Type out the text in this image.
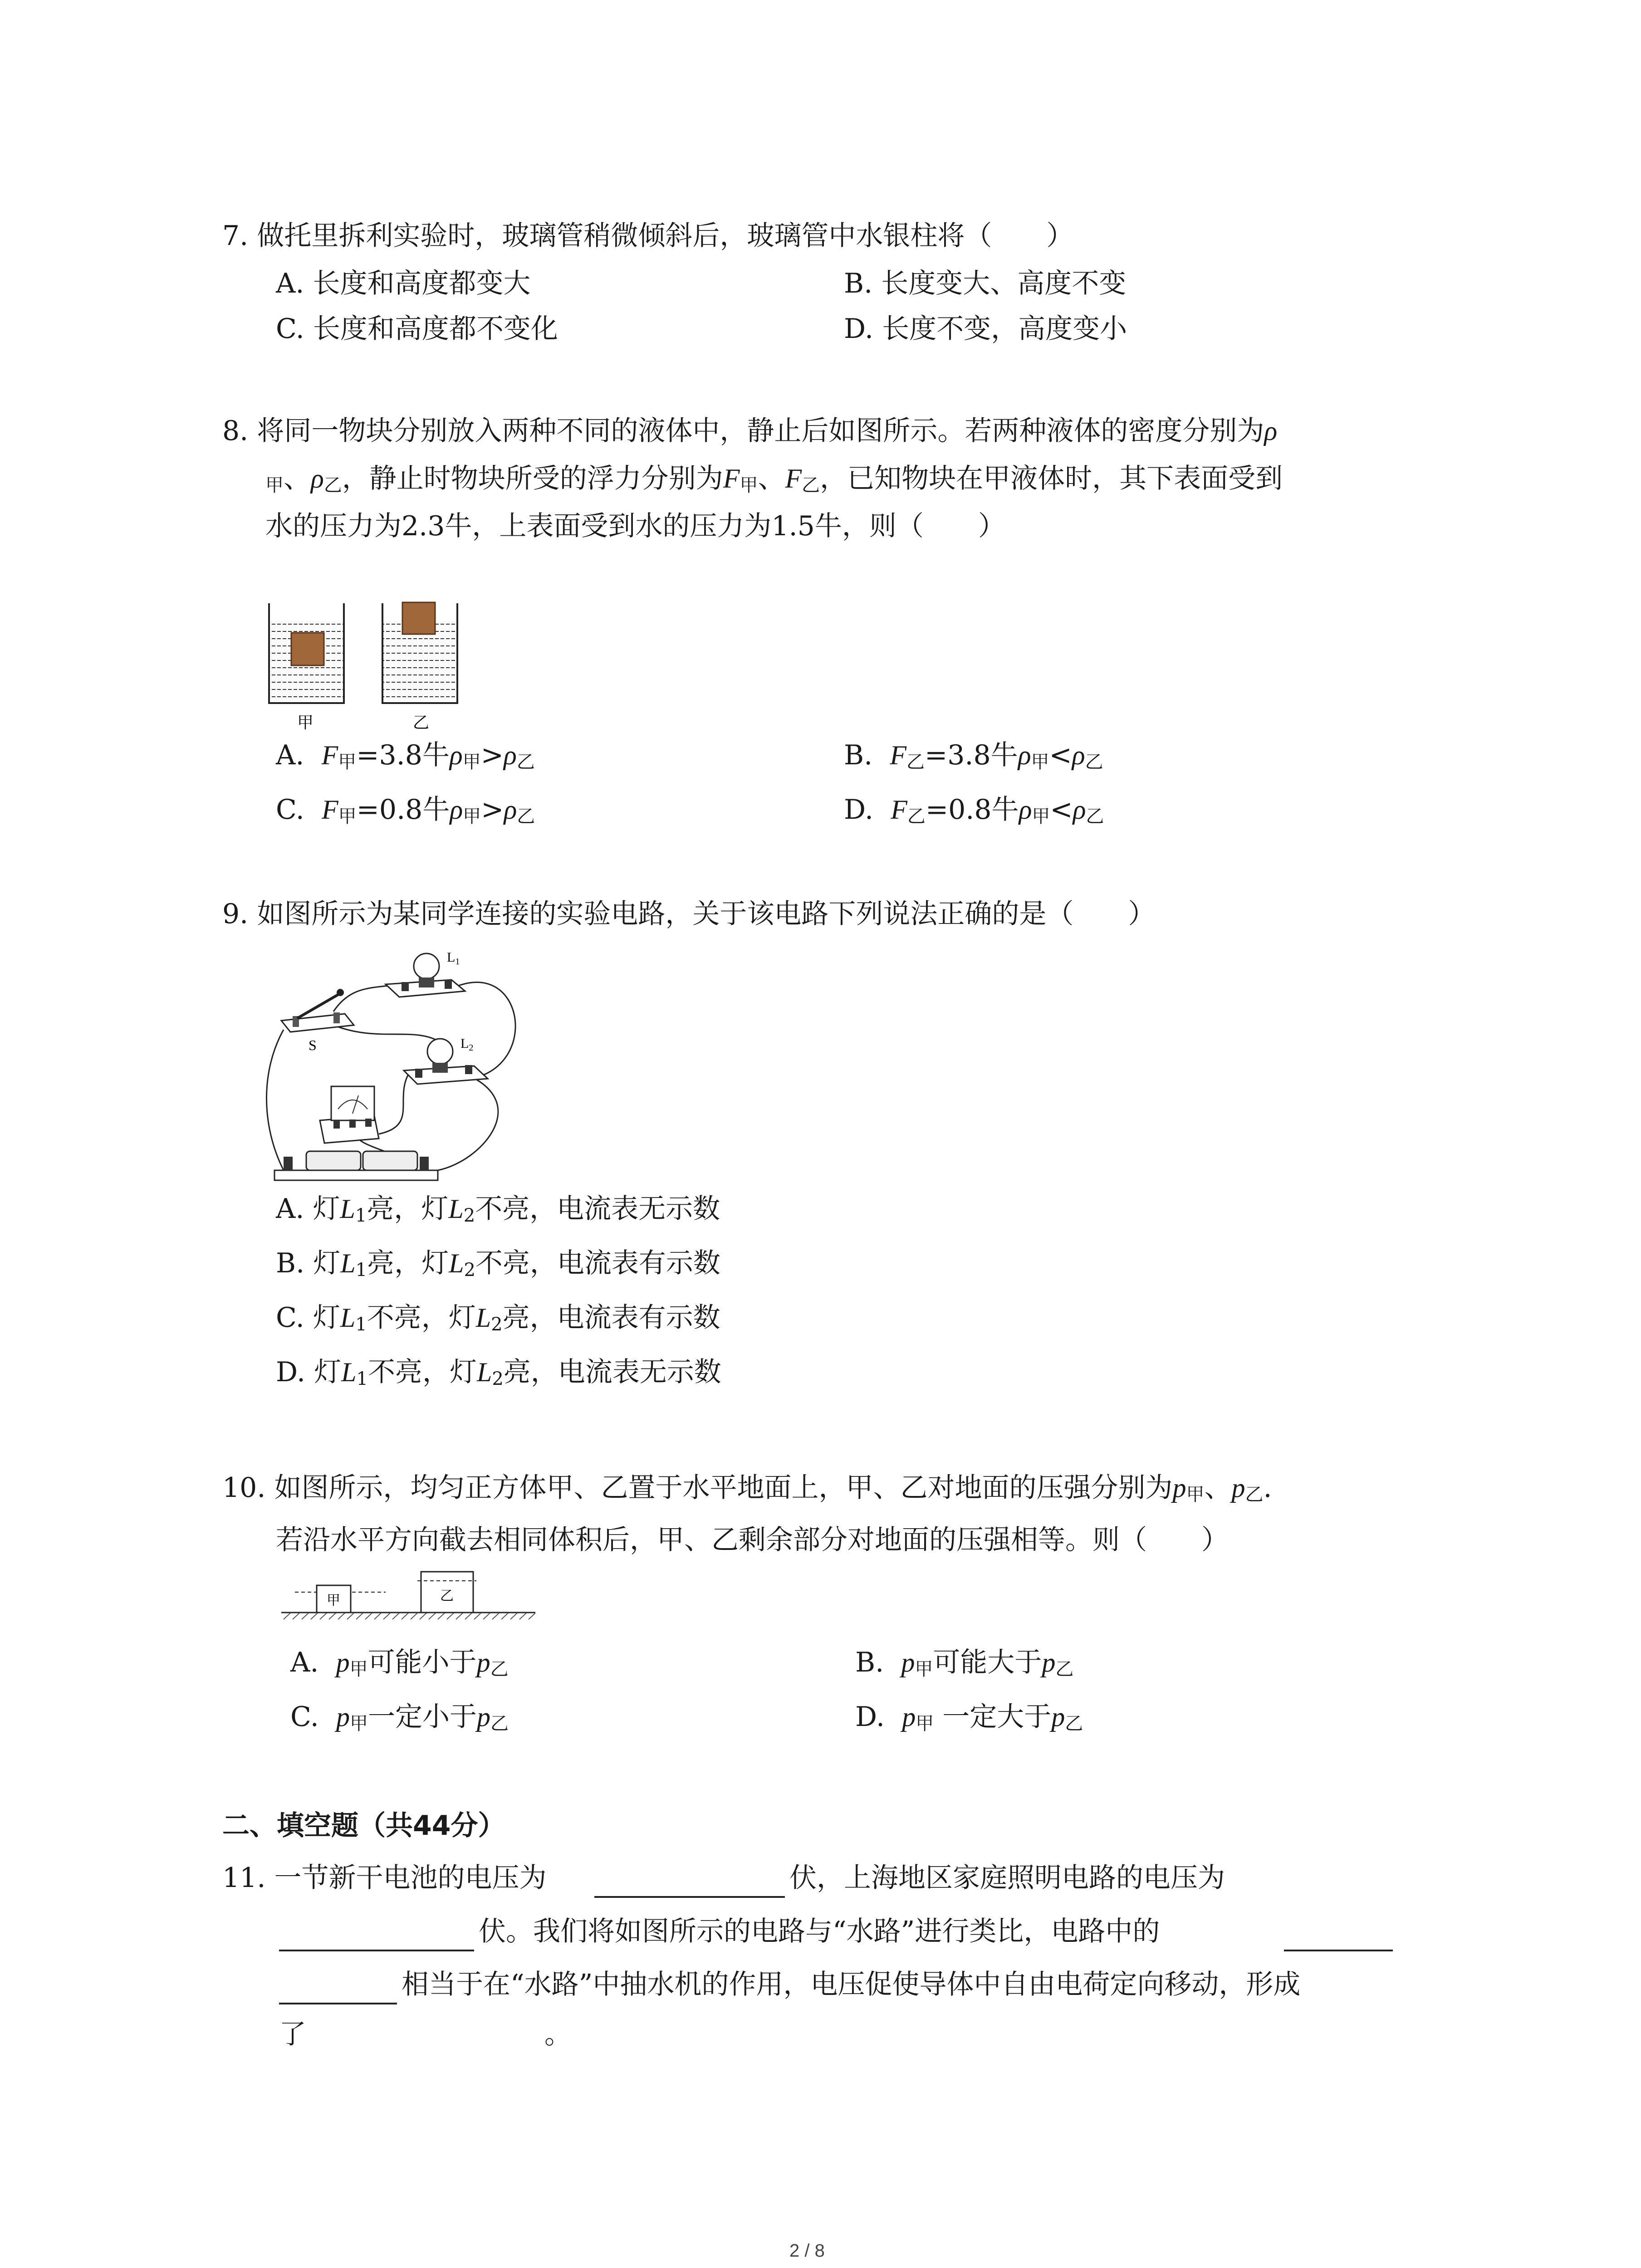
7. 做托里拆利实验时，玻璃管稍微倾斜后，玻璃管中水银柱将（　　）
A. 长度和高度都变大	B. 长度变大、高度不变
C. 长度和高度都不变化	D. 长度不变，高度变小
8. 将同一物块分别放入两种不同的液体中，静止后如图所示。若两种液体的密度分别为ρ
$_甲$、$\rho_乙$，静止时物块所受的浮力分别为$F_甲$、$F_乙$，已知物块在甲液体时，其下表面受到
水的压力为2.3牛，上表面受到水的压力为1.5牛，则（　　）
甲	乙
A. $F_甲=3.8$牛$\rho_甲>\rho_乙$	B. $F_乙=3.8$牛$\rho_甲<\rho_乙$
C. $F_甲=0.8$牛$\rho_甲>\rho_乙$	D. $F_乙=0.8$牛$\rho_甲<\rho_乙$
9. 如图所示为某同学连接的实验电路，关于该电路下列说法正确的是（　　）
S
$L_1$
$L_2$
A. 灯$L_1$亮，灯$L_2$不亮，电流表无示数
B. 灯$L_1$亮，灯$L_2$不亮，电流表有示数
C. 灯$L_1$不亮，灯$L_2$亮，电流表有示数
D. 灯$L_1$不亮，灯$L_2$亮，电流表无示数
10. 如图所示，均匀正方体甲、乙置于水平地面上，甲、乙对地面的压强分别为$p_甲$、$p_乙$.
若沿水平方向截去相同体积后，甲、乙剩余部分对地面的压强相等。则（　　）
甲	乙
A. $p_甲$可能小于$p_乙$	B. $p_甲$可能大于$p_乙$
C. $p_甲$一定小于$p_乙$	D. $p_甲$ 一定大于$p_乙$
二、填空题（共44分）
11. 一节新干电池的电压为	伏，上海地区家庭照明电路的电压为
伏。我们将如图所示的电路与“水路”进行类比，电路中的
相当于在“水路”中抽水机的作用，电压促使导体中自由电荷定向移动，形成
了	。
2 / 8
